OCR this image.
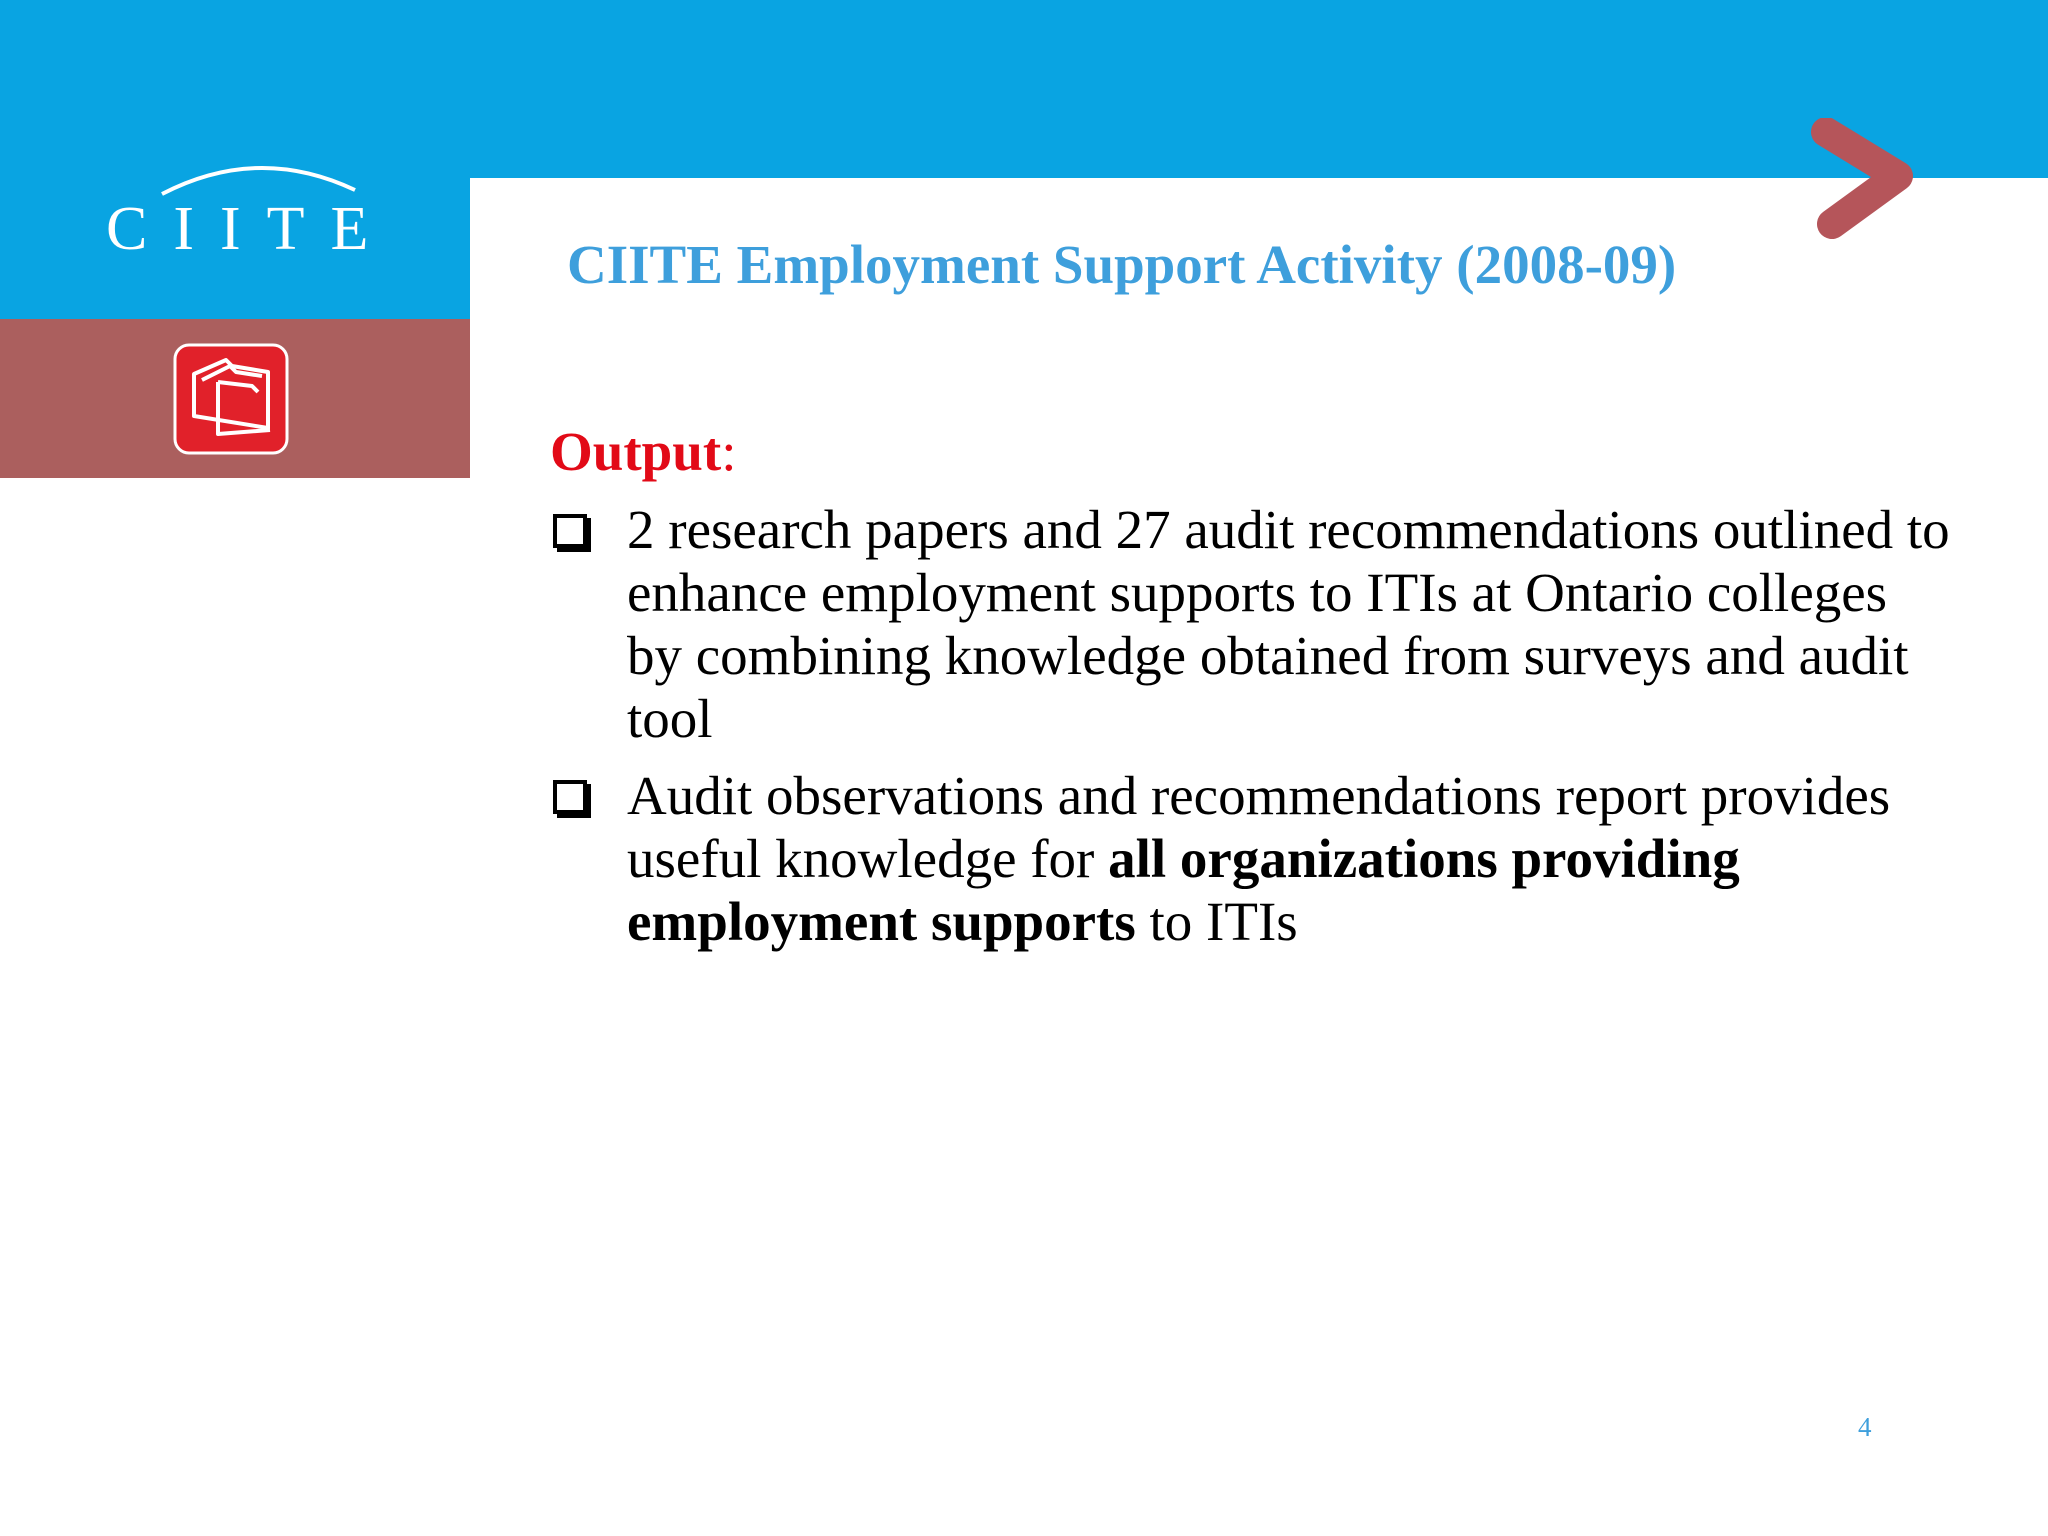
CIITE
CIITE Employment Support Activity (2008-09)
Output:
2 research papers and 27 audit recommendations outlined to enhance employment supports to ITIs at Ontario colleges by combining knowledge obtained from surveys and audit tool
Audit observations and recommendations report provides useful knowledge for all organizations providing employment supports to ITIs
4
